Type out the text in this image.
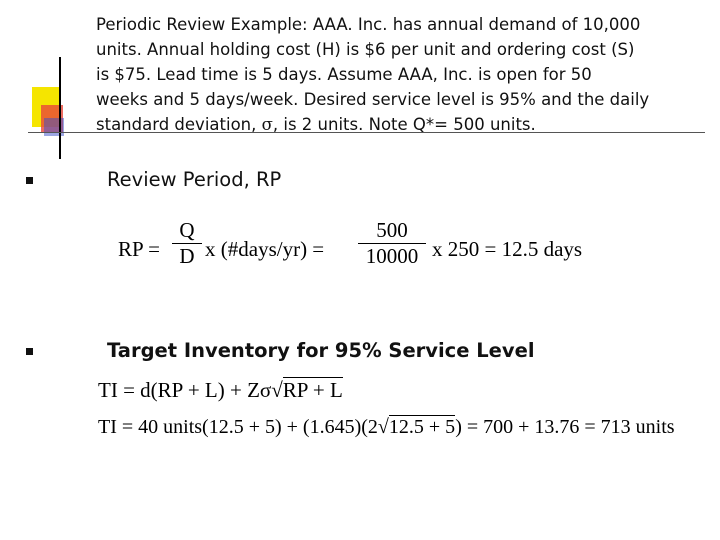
Periodic Review Example: AAA. Inc. has annual demand of 10,000
units. Annual holding cost (H) is $6 per unit and ordering cost (S)
is $75. Lead time is 5 days. Assume AAA, Inc. is open for 50
weeks and 5 days/week. Desired service level is 95% and the daily
standard deviation, σ, is 2 units. Note Q*= 500 units.
Review Period, RP
RP =
Q
D x (#days/yr) =
500
10000 x 250 = 12.5 days
Target Inventory for 95% Service Level
TI = d(RP + L) + Zσ√RP + L
TI = 40 units(12.5 + 5) + (1.645)(2√12.5 + 5) = 700 + 13.76 = 713 units
